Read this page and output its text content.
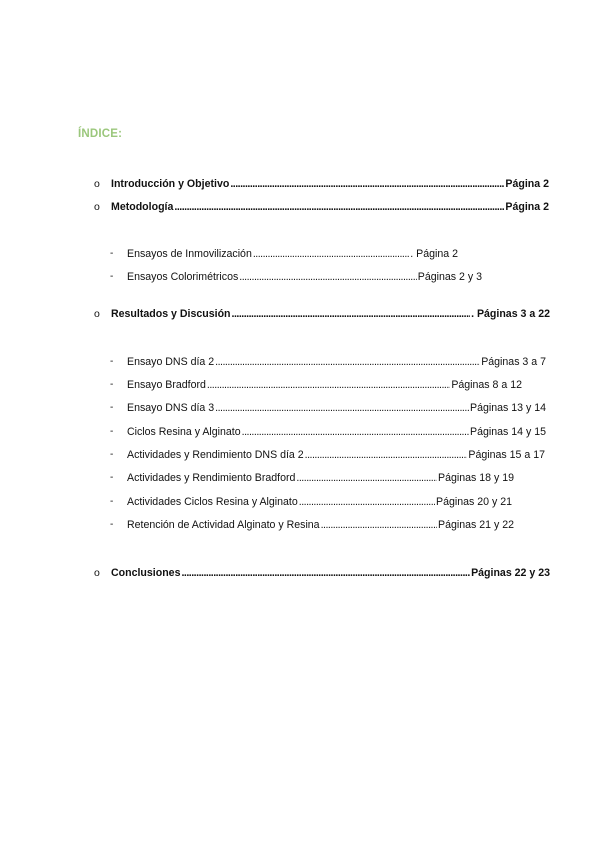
ÍNDICE:
o	Introducción y Objetivo .....	Página 2
o	Metodología .....	Página 2
-	Ensayos de Inmovilización .....	. Página 2
-	Ensayos Colorimétricos .....	Páginas 2 y 3
o	Resultados y Discusión .....	. Páginas 3 a 22
-	Ensayo DNS día 2 .....	Páginas 3 a 7
-	Ensayo Bradford .....	Páginas 8 a 12
-	Ensayo DNS día 3 .....	Páginas 13 y 14
-	Ciclos Resina y Alginato .....	Páginas 14 y 15
-	Actividades y Rendimiento DNS día 2 .....	Páginas 15 a 17
-	Actividades y Rendimiento Bradford .....	Páginas 18 y 19
-	Actividades Ciclos Resina y Alginato .....	Páginas 20 y 21
-	Retención de Actividad Alginato y Resina .....	Páginas 21 y 22
o	Conclusiones .....	Páginas 22 y 23
